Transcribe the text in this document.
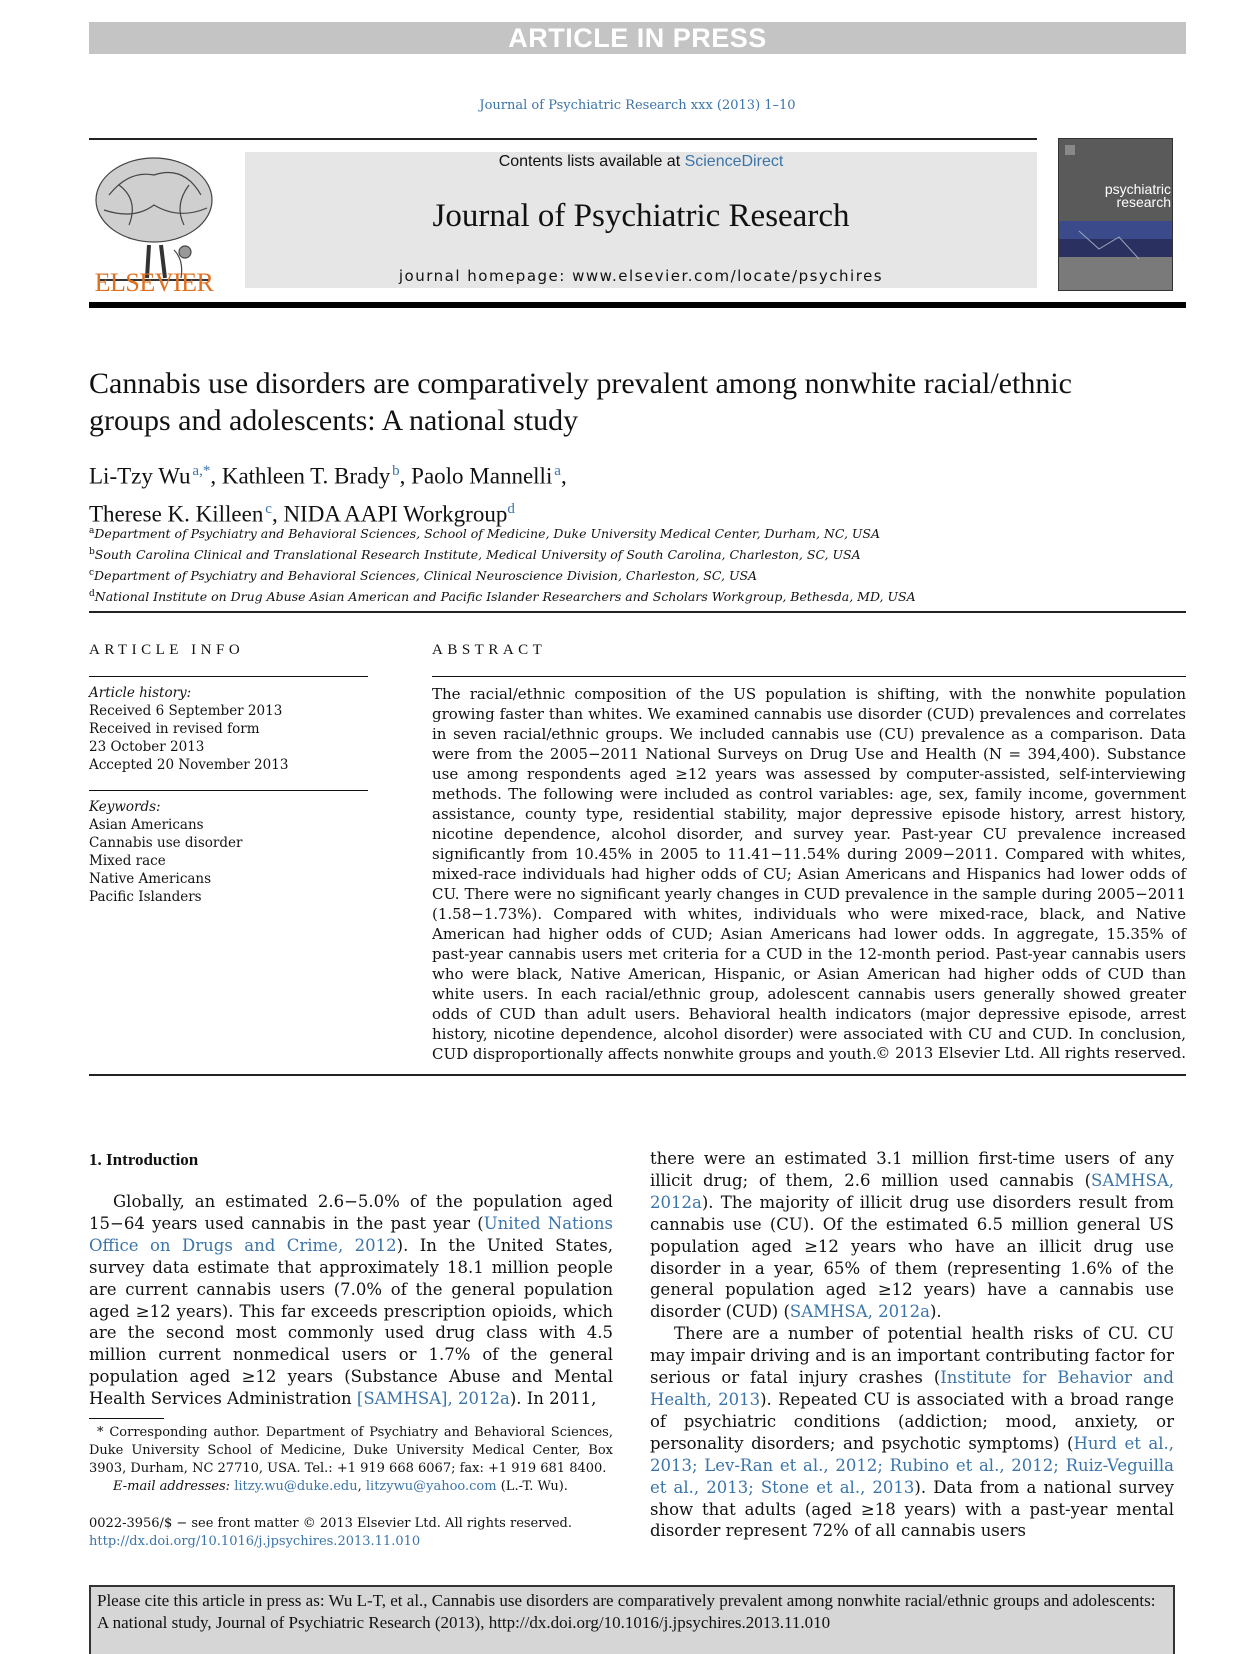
ARTICLE IN PRESS
Journal of Psychiatric Research xxx (2013) 1–10
ELSEVIER
Contents lists available at ScienceDirect
Journal of Psychiatric Research
journal homepage: www.elsevier.com/locate/psychires
psychiatric research
Cannabis use disorders are comparatively prevalent among nonwhite racial/ethnic groups and adolescents: A national study
Li-Tzy Wu  $^{a,*}$, Kathleen T. Brady  $^b$, Paolo Mannelli  $^a$,
Therese K. Killeen  $^c$, NIDA AAPI Workgroup$^d$
$^a$Department of Psychiatry and Behavioral Sciences, School of Medicine, Duke University Medical Center, Durham, NC, USA
$^b$South Carolina Clinical and Translational Research Institute, Medical University of South Carolina, Charleston, SC, USA
$^c$Department of Psychiatry and Behavioral Sciences, Clinical Neuroscience Division, Charleston, SC, USA
$^d$National Institute on Drug Abuse Asian American and Pacific Islander Researchers and Scholars Workgroup, Bethesda, MD, USA
ARTICLE INFO	ABSTRACT
Article history:
Received 6 September 2013
Received in revised form
23 October 2013
Accepted 20 November 2013
Keywords:
Asian Americans
Cannabis use disorder
Mixed race
Native Americans
Pacific Islanders
The racial/ethnic composition of the US population is shifting, with the nonwhite population growing faster than whites. We examined cannabis use disorder (CUD) prevalences and correlates in seven racial/ethnic groups. We included cannabis use (CU) prevalence as a comparison. Data were from the 2005−2011 National Surveys on Drug Use and Health (N = 394,400). Substance use among respondents aged ≥12 years was assessed by computer-assisted, self-interviewing methods. The following were included as control variables: age, sex, family income, government assistance, county type, residential stability, major depressive episode history, arrest history, nicotine dependence, alcohol disorder, and survey year. Past-year CU prevalence increased significantly from 10.45% in 2005 to 11.41−11.54% during 2009−2011. Compared with whites, mixed-race individuals had higher odds of CU; Asian Americans and Hispanics had lower odds of CU. There were no significant yearly changes in CUD prevalence in the sample during 2005−2011 (1.58−1.73%). Compared with whites, individuals who were mixed-race, black, and Native American had higher odds of CUD; Asian Americans had lower odds. In aggregate, 15.35% of past-year cannabis users met criteria for a CUD in the 12-month period. Past-year cannabis users who were black, Native American, Hispanic, or Asian American had higher odds of CUD than white users. In each racial/ethnic group, adolescent cannabis users generally showed greater odds of CUD than adult users. Behavioral health indicators (major depressive episode, arrest history, nicotine dependence, alcohol disorder) were associated with CU and CUD. In conclusion, CUD disproportionally affects nonwhite groups and youth.
© 2013 Elsevier Ltd. All rights reserved.
1. Introduction
Globally, an estimated 2.6−5.0% of the population aged 15−64 years used cannabis in the past year (United Nations Office on Drugs and Crime, 2012). In the United States, survey data estimate that approximately 18.1 million people are current cannabis users (7.0% of the general population aged ≥12 years). This far exceeds prescription opioids, which are the second most commonly used drug class with 4.5 million current nonmedical users or 1.7% of the general population aged ≥12 years (Substance Abuse and Mental Health Services Administration [SAMHSA], 2012a). In 2011,
there were an estimated 3.1 million first-time users of any illicit drug; of them, 2.6 million used cannabis (SAMHSA, 2012a). The majority of illicit drug use disorders result from cannabis use (CU). Of the estimated 6.5 million general US population aged ≥12 years who have an illicit drug use disorder in a year, 65% of them (representing 1.6% of the general population aged ≥12 years) have a cannabis use disorder (CUD) (SAMHSA, 2012a).
There are a number of potential health risks of CU. CU may impair driving and is an important contributing factor for serious or fatal injury crashes (Institute for Behavior and Health, 2013). Repeated CU is associated with a broad range of psychiatric conditions (addiction; mood, anxiety, or personality disorders; and psychotic symptoms) (Hurd et al., 2013; Lev-Ran et al., 2012; Rubino et al., 2012; Ruiz-Veguilla et al., 2013; Stone et al., 2013). Data from a national survey show that adults (aged ≥18 years) with a past-year mental disorder represent 72% of all cannabis users
* Corresponding author. Department of Psychiatry and Behavioral Sciences, Duke University School of Medicine, Duke University Medical Center, Box 3903, Durham, NC 27710, USA. Tel.: +1 919 668 6067; fax: +1 919 681 8400.
E-mail addresses: litzy.wu@duke.edu, litzywu@yahoo.com (L.-T. Wu).
0022-3956/$ − see front matter © 2013 Elsevier Ltd. All rights reserved.
http://dx.doi.org/10.1016/j.jpsychires.2013.11.010
Please cite this article in press as: Wu L-T, et al., Cannabis use disorders are comparatively prevalent among nonwhite racial/ethnic groups and adolescents: A national study, Journal of Psychiatric Research (2013), http://dx.doi.org/10.1016/j.jpsychires.2013.11.010
